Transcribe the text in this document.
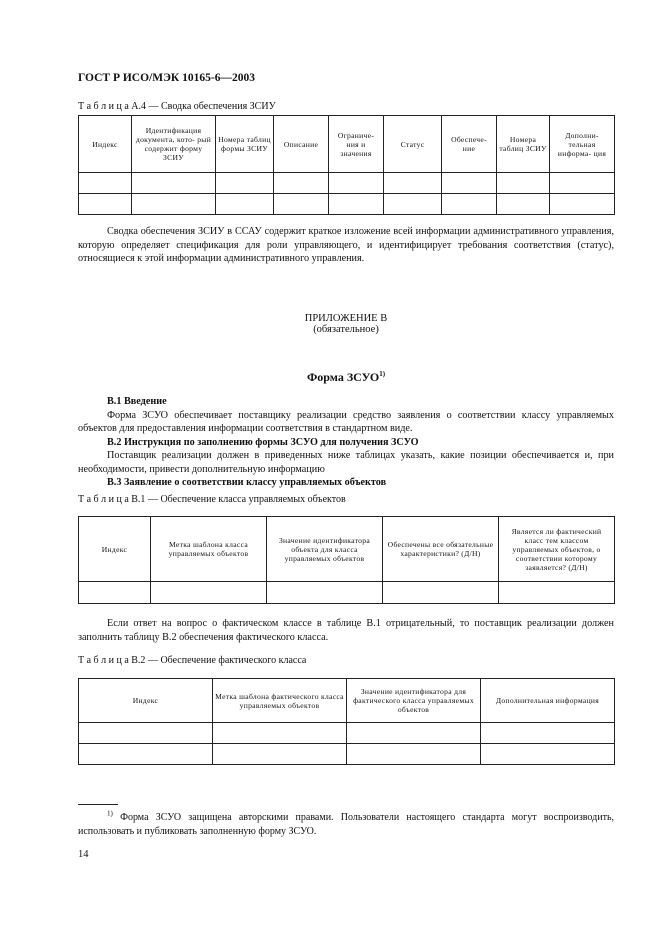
ГОСТ Р ИСО/МЭК 10165-6—2003
Т а б л и ц а А.4 — Сводка обеспечения ЗСИУ
Индекс	Идентификация документа, кото- рый содержит форму ЗСИУ	Номера таблиц формы ЗСИУ	Описание	Ограниче- ния и значения	Статус	Обеспече- ние	Номера таблиц ЗСИУ	Дополни- тельная информа- ция

Сводка обеспечения ЗСИУ в ССАУ содержит краткое изложение всей информации административного управления, которую определяет спецификация для роли управляющего, и идентифицирует требования соответствия (статус), относящиеся к этой информации административного управления.
ПРИЛОЖЕНИЕ В
(обязательное)
Форма ЗСУО$^{1)}$
В.1 Введение
Форма ЗСУО обеспечивает поставщику реализации средство заявления о соответствии классу управляемых объектов для предоставления информации соответствия в стандартном виде.
В.2 Инструкция по заполнению формы ЗСУО для получения ЗСУО
Поставщик реализации должен в приведенных ниже таблицах указать, какие позиции обеспечивается и, при необходимости, привести дополнительную информацию
В.3 Заявление о соответствии классу управляемых объектов
Т а б л и ц а В.1 — Обеспечение класса управляемых объектов
Индекс	Метка шаблона класса управляемых объектов	Значение идентификатора объекта для класса управляемых объектов	Обеспечены все обязательные характеристики? (Д/Н)	Является ли фактический класс тем классом управляемых объектов, о соответствии которому заявляется? (Д/Н)

Если ответ на вопрос о фактическом классе в таблице В.1 отрицательный, то поставщик реализации должен заполнить таблицу В.2 обеспечения фактического класса.
Т а б л и ц а В.2 — Обеспечение фактического класса
Индекс	Метка шаблона фактического класса управляемых объектов	Значение идентификатора для фактического класса управляемых объектов	Дополнительная информация

$^{1)}$ Форма ЗСУО защищена авторскими правами. Пользователи настоящего стандарта могут воспроизводить, использовать и публиковать заполненную форму ЗСУО.
14
